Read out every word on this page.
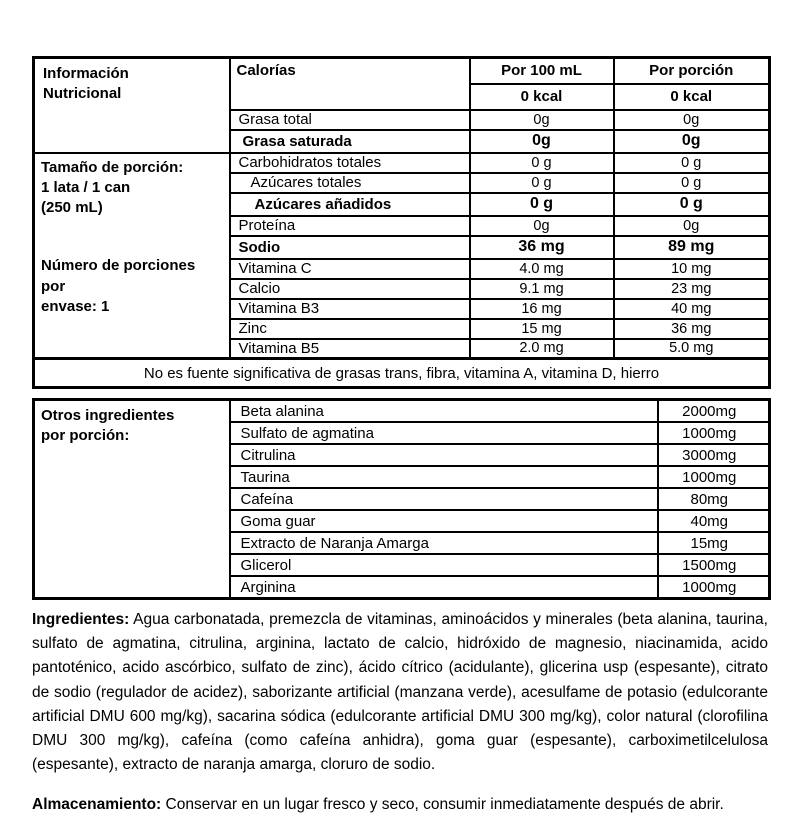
Información
Nutricional	Calorías	Por 100 mL	Por porción
		0 kcal	0 kcal
	Grasa total	0g	0g
	Grasa saturada	0g	0g

Tamaño de porción:
1 lata / 1 can
(250 mL)
Número de porciones por
envase: 1	Carbohidratos totales	0 g	0 g
	Azúcares totales	0 g	0 g
	Azúcares añadidos	0 g	0 g
	Proteína	0g	0g
	Sodio	36 mg	89 mg
	Vitamina C	4.0 mg	10 mg
	Calcio	9.1 mg	23 mg
	Vitamina B3	16 mg	40 mg
	Zinc	15 mg	36 mg
	Vitamina B5	2.0 mg	5.0 mg
No es fuente significativa de grasas trans, fibra, vitamina A, vitamina D, hierro			
Otros ingredientes
por porción:	Beta alanina	2000mg
	Sulfato de agmatina	1000mg
	Citrulina	3000mg
	Taurina	1000mg
	Cafeína	80mg
	Goma guar	40mg
	Extracto de Naranja Amarga	15mg
	Glicerol	1500mg
	Arginina	1000mg

Ingredientes: Agua carbonatada, premezcla de vitaminas, aminoácidos y minerales (beta alanina, taurina, sulfato de agmatina, citrulina, arginina, lactato de calcio, hidróxido de magnesio, niacinamida, acido pantoténico, acido ascórbico, sulfato de zinc), ácido cítrico (acidulante), glicerina usp (espesante), citrato de sodio (regulador de acidez), saborizante artificial (manzana verde), acesulfame de potasio (edulcorante artificial DMU 600 mg/kg), sacarina sódica (edulcorante artificial DMU 300 mg/kg), color natural (clorofilina DMU 300 mg/kg), cafeína (como cafeína anhidra), goma guar (espesante), carboximetilcelulosa (espesante), extracto de naranja amarga, cloruro de sodio.

Almacenamiento: Conservar en un lugar fresco y seco, consumir inmediatamente después de abrir.
